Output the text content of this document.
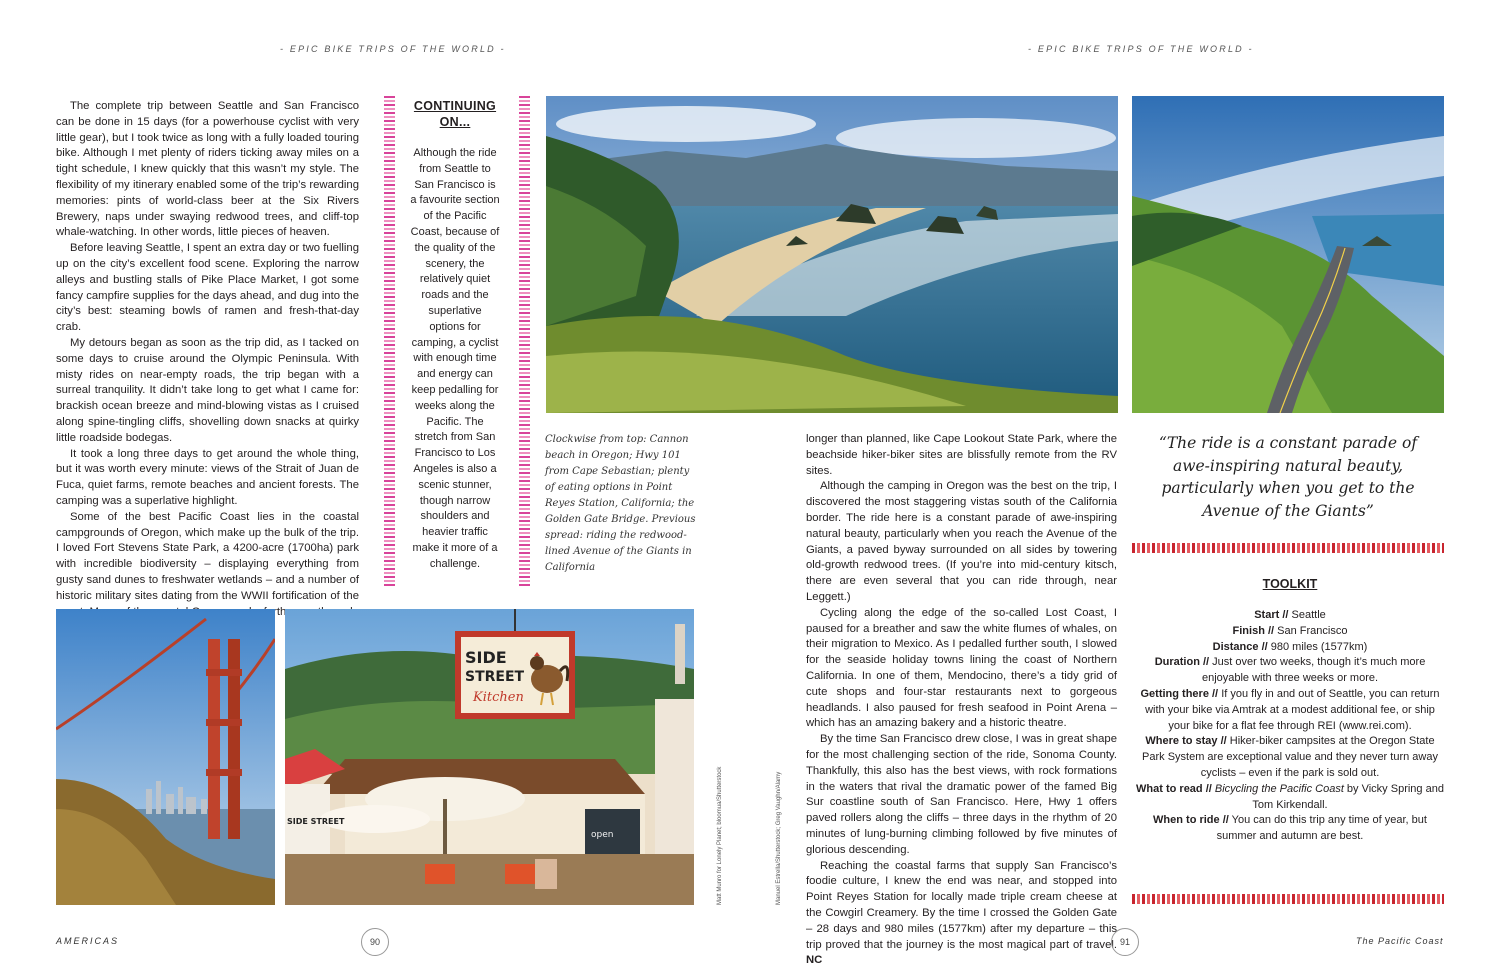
- EPIC BIKE TRIPS OF THE WORLD -	- EPIC BIKE TRIPS OF THE WORLD -

The complete trip between Seattle and San Francisco can be done in 15 days (for a powerhouse cyclist with very little gear), but I took twice as long with a fully loaded touring bike. Although I met plenty of riders ticking away miles on a tight schedule, I knew quickly that this wasn’t my style. The flexibility of my itinerary enabled some of the trip’s rewarding memories: pints of world-class beer at the Six Rivers Brewery, naps under swaying redwood trees, and cliff-top whale-watching. In other words, little pieces of heaven.

Before leaving Seattle, I spent an extra day or two fuelling up on the city’s excellent food scene. Exploring the narrow alleys and bustling stalls of Pike Place Market, I got some fancy campfire supplies for the days ahead, and dug into the city’s best: steaming bowls of ramen and fresh-that-day crab.

My detours began as soon as the trip did, as I tacked on some days to cruise around the Olympic Peninsula. With misty rides on near-empty roads, the trip began with a surreal tranquility. It didn’t take long to get what I came for: brackish ocean breeze and mind-blowing vistas as I cruised along spine-tingling cliffs, shovelling down snacks at quirky little roadside bodegas.

It took a long three days to get around the whole thing, but it was worth every minute: views of the Strait of Juan de Fuca, quiet farms, remote beaches and ancient forests. The camping was a superlative highlight.

Some of the best Pacific Coast lies in the coastal campgrounds of Oregon, which make up the bulk of the trip. I loved Fort Stevens State Park, a 4200-acre (1700ha) park with incredible biodiversity – displaying everything from gusty sand dunes to freshwater wetlands – and a number of historic military sites dating from the WWII fortification of the further

CONTINUING ON...
Although the ride from Seattle to San Francisco is a favourite section of the Pacific Coast, because of the quality of the scenery, the relatively quiet roads and the superlative options for camping, a cyclist with enough time and energy can keep pedalling for weeks along the Pacific. The stretch from San Francisco to Los Angeles is also a scenic stunner, though narrow shoulders and heavier traffic make it more of a challenge.
Clockwise from top: Cannon beach in Oregon; Hwy 101 from Cape Sebastian; plenty of eating options in Point Reyes Station, California; the Golden Gate Bridge. Previous spread: riding the redwood-lined Avenue of the Giants in California
SIDE
STREET
Kitchen
SIDE STREET
open	Matt Munro for Lonely Planet; bloomua/Shutterstock	Manuel Estrella/Shutterstock; Greg Vaughn/Alamy

longer than planned, like Cape Lookout State Park, where the beachside hiker-biker sites are blissfully remote from the RV sites.

Although the camping in Oregon was the best on the trip, I discovered the most staggering vistas south of the California border. The ride here is a constant parade of awe-inspiring natural beauty, particularly when you reach the Avenue of the Giants, a paved byway surrounded on all sides by towering old-growth redwood trees. (If you’re into mid-century kitsch, there are even several that you can ride through, near Leggett.)

Cycling along the edge of the so-called Lost Coast, I paused for a breather and saw the white flumes of whales, on their migration to Mexico. As I pedalled further south, I slowed for the seaside holiday towns lining the coast of Northern California. In one of them, Mendocino, there’s a tidy grid of cute shops and four-star restaurants next to gorgeous headlands. I also paused for fresh seafood in Point Arena – which has an amazing bakery and a historic theatre.

By the time San Francisco drew close, I was in great shape for the most challenging section of the ride, Sonoma County. Thankfully, this also has the best views, with rock formations in the waters that rival the dramatic power of the famed Big Sur coastline south of San Francisco. Here, Hwy 1 offers paved rollers along the cliffs – three days in the rhythm of 20 minutes of lung-burning climbing followed by five minutes of glorious descending.

Reaching the coastal farms that supply San Francisco’s foodie culture, I knew the end was near, and stopped into Point Reyes Station for locally made triple cream cheese at the Cowgirl Creamery. By the time I crossed the Golden Gate – 28 days and 980 miles (1577km) after my departure – this trip proved that the journey is the most magical part of travel. NC

“The ride is a constant parade of awe-inspiring natural beauty, particularly when you get to the Avenue of the Giants”
TOOLKIT

Start // Seattle

Finish // San Francisco

Distance // 980 miles (1577km)

Duration // Just over two weeks, though it’s much more enjoyable with three weeks or more.

Getting there // If you fly in and out of Seattle, you can return with your bike via Amtrak at a modest additional fee, or ship your bike for a flat fee through REI (www.rei.com).

Where to stay // Hiker-biker campsites at the Oregon State Park System are exceptional value and they never turn away cyclists – even if the park is sold out.

What to read // Bicycling the Pacific Coast by Vicky Spring and Tom Kirkendall.

When to ride // You can do this trip any time of year, but summer and autumn are best.

AMERICAS	90	91	The Pacific Coast
